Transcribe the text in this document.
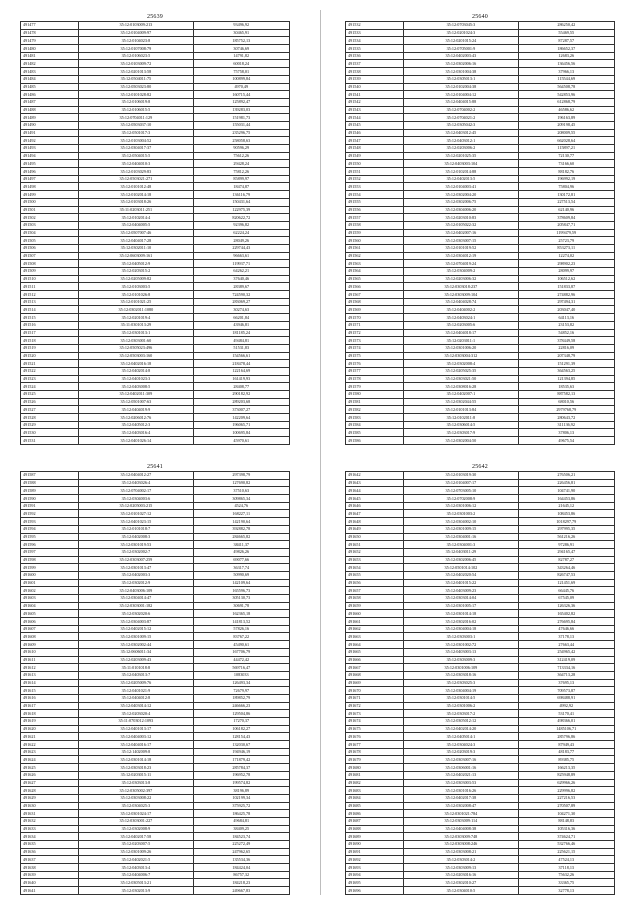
25639
491477	35:12:0103009:213	93496,92
491478	35:12:0104009:97	30465,91
491479	35:12:0104023:8	185752,13
491480	35:12:0107008:79	30746,69
491481	35:12:0106023:5	14791,82
491482	35:12:0103009:72	60018,24
491483	35:12:0201013:58	75758,01
491484	35:12:0504011:75	100899,84
491485	35:12:0503023:80	4970,49
491486	35:12:0101028:82	160715,44
491487	35:12:0106019:8	125892,47
491488	35:12:0106015:5	139283,03
491489	35:12:0704011:129	151981,73
491490	35:12:0503037:10	155031,44
491491	35:12:0501017:3	235296,75
491492	35:12:0103004:52	258058,63
491493	35:12:0304017:37	90596,29
491494	35:12:0504015:5	75612,26
491495	35:12:0404010:3	29428,24
491496	35:12:0103029:83	75812,26
491497	35:12:0503021:271	85899,97
491498	35:12:0101012:48	18474,87
491499	35:12:0102014:18	136116,79
491500	35:12:0103018:26	150431,64
491501	35:11:0203011:251	122975,39
491502	35:12:0102014:4	820622,72
491503	35:12:0404005:5	92396,82
491504	35:12:0507007:46	62224,24
491505	35:12:0404017:28	28049,26
491506	35:12:0302011:10	229744,43
491507	35:12:0603009:161	96663,61
491508	35:12:0405012:9	119937,71
491509	35:12:0203015:2	64262,21
491510	35:12:0205009:82	37640,46
491511	35:12:0103003:5	28389,67
491512	35:12:0101026:8	724590,32
491513	35:12:0101021:25	283069,27
491514	35:12:0302011:1080	30274,63
491515	35:12:0201019:4	66201,84
491516	35:11:0301013:29	43946,81
491517	35:12:0301013:1	181185,24
491518	35:12:0303001:60	49484,81
491519	35:12:0505023:496	51531,83
491520	35:12:0503003:160	154566,61
491521	35:12:0402016:18	218478,44
491522	35:12:0402014:8	122164,69
491523	35:12:0401023:3	161419,93
491524	35:12:0403008:5	28408,77
491525	35:12:0402011:309	290182,92
491526	35:12:0501007:63	289203,68
491527	35:12:0404019:9	373007,27
491528	35:12:0206012:76	142209,64
491529	35:12:0405012:3	196065,71
491530	35:12:0403016:4	100695,84
491531	35:12:0401026:14	45970,61
25640
491532	35:12:0703045:3	286250,42
491533	35:12:0201024:3	55469,55
491534	35:12:0201015:24	87287,57
491535	35:12:0705001:9	186652,37
491536	35:12:0402003:43	12683,26
491537	35:12:0302006:16	136456,56
491538	35:12:0301004:38	37966,13
491539	35:12:0305013:1	115544,69
491540	35:12:0102004:38	564508,78
491541	35:12:0104004:12	542853,96
491542	35:12:0404015:88	612868,79
491543	35:12:0704002:2	46586,62
491544	35:12:0704021:2	196163,89
491545	35:12:0305042:3	209198,45
491546	35:12:0403012:45	208009,55
491547	35:12:0403012:1	662028,64
491548	35:12:0203006:2	115897,21
491549	35:12:0201025:35	72130,77
491550	35:12:0403003:104	73166,60
491551	35:12:0102014:88	88182,76
491552	35:12:0402013:5	196992,19
491553	35:12:0104003:41	75804,96
491554	35:12:0302004:20	130172,81
491555	35:12:0302006:75	227513,54
491556	35:12:0304006:20	62140,96
491557	35:12:0203010:83	378609,84
491558	35:12:0105022:32	205847,71
491559	35:12:0402007:16	1199479,59
491560	35:12:0303007:15	25723,79
491561	35:12:0101019:52	853273,11
491562	35:12:0304012:19	12274,02
491563	35:12:0704019:24	298902,23
491564	35:12:0304009:2	28099,97
491565	35:12:0203006:32	106512,62
491566	35:12:0303018:237	151833,87
491567	35:12:0303009:104	274882,96
491568	35:12:0404028:74	297494,31
491569	35:12:0404002:2	203047,40
491570	35:12:0403024:1	64113,16
491571	35:12:0203005:6	23153,82
491572	35:12:0404018:17	54852,16
491573	35:12:0203011:1	378449,58
491574	35:12:0301006:20	22816,09
491575	35:12:0303004:312	207348,79
491576	35:12:0302008:4	151291,39
491577	35:12:0205025:35	364563,25
491578	35:12:0303021:50	121394,85
491579	35:12:0308016:28	18535,63
491580	35:12:0402007:1	887582,13
491581	35:12:0302044:55	68010,56
491582	35:12:0101013:84	2979768,79
491583	35:12:0102011:8	280643,72
491584	35:12:0306014:5	311136,92
491585	35:12:0303017:9	37806,13
491586	35:12:0302004:50	49675,54
25641
491587	35:12:0404012:27	297398,79
491588	35:12:0403026:4	127690,82
491589	35:12:0704002:17	37510,63
491590	35:12:0304003:6	309865,34
491591	35:12:0205003:215	4524,76
491592	35:12:0101027:12	168227,11
491593	35:12:0401023:15	142190,64
491594	35:12:0101018:7	392882,78
491595	35:12:0402008:3	284665,82
491596	35:12:0301019:53	38411,37
491597	35:12:0302002:7	49826,26
491598	35:12:0303007:259	69077,66
491599	35:12:0301013:47	36317,74
491600	35:12:0402003:3	50990,69
491601	35:12:0302012:9	142109,64
491602	35:12:0403006:109	165596,73
491603	35:12:0304014:47	305130,73
491604	35:12:0303001:182	30691,78
491605	35:12:0302020:6	162365,18
491606	35:12:0304003:87	141813,52
491607	35:12:0402015:12	57826,16
491608	35:12:0301009:15	83767,22
491609	35:12:0302002:44	45490,61
491610	35:12:0606011:34	167706,79
491611	35:12:0203009:43	44472,42
491612	35:11:0101018:8	569716,47
491613	35:12:0403013:7	1083033
491614	35:12:0205009:76	126493,34
491615	35:12:0401021:9	72679,97
491616	35:12:0404012:8	189852,79
491617	35:12:0403014:12	246666,23
491618	35:12:0203020:4	129504,86
491619	35:11:0703012:1093	17270,37
491620	35:12:0401013:17	106182,27
491621	35:12:0404003:12	128154,43
491622	35:12:0404016:17	132030,67
491623	35:12:1402009:8	194946,19
491624	35:12:0301014:18	171879,42
491625	35:12:0303018:23	285784,37
491626	35:12:0203015:11	196952,78
491627	35:12:0303013:8	199574,82
491628	35:12:0305002:397	38196,89
491629	35:12:0303008:22	102199,34
491630	35:12:0304025:3	375925,72
491631	35:12:0301024:17	186425,78
491632	35:12:0303001:227	49684,81
491633	35:12:0302008:9	38409,25
491634	35:12:0402017:58	184523,74
491635	35:12:0203007:5	225272,49
491636	35:12:0301009:26	247962,65
491637	35:12:0402021:5	135534,36
491638	35:12:0403013:4	184424,04
491639	35:12:0404006:7	86757,32
491640	35:12:0305013:21	184218,23
491641	35:12:0302013:9	249667,83
25642
491642	35:12:0103019:30	276506,21
491643	35:12:0104007:17	226456,81
491644	35:12:0703005:10	104741,90
491645	35:12:0702008:9	164453,86
491646	35:12:0301006:12	21645,12
491647	35:12:0301003:2	108453,86
491648	35:12:0304002:10	1018297,79
491649	35:12:0301009:15	297995,35
491650	35:12:0304001:16	561216,26
491651	35:12:0304001:3	97286,91
491652	35:12:0403011:29	294165,47
491653	35:12:0302006:45	82787,27
491654	35:12:0501014:102	343264,46
491655	35:12:0402020:54	826747,53
491656	35:12:0401015:22	121451,69
491657	35:12:0403009:23	66445,76
491658	35:12:0303014:04	67545,09
491659	35:12:0301005:17	126326,36
491660	35:12:0301014:18	165402,82
491661	35:12:0302016:02	276695,84
491662	35:12:0304004:18	47646,66
491663	35:12:0303003:1	37178,13
491664	35:12:0301002:72	27663,44
491665	35:12:0403003:13	254965,42
491666	35:12:0303009:3	312419,09
491667	35:12:0301006:109	713334,16
491668	35:12:0303018:16	364713,28
491669	35:12:0303025:3	37695,13
491670	35:12:0304004:19	709573,87
491671	35:12:0301014:5	698488,91
491672	35:12:0301006:2	4992,92
491673	35:12:0303017:2	53170,41
491674	35:12:0305012:12	498366,01
491675	35:12:0402014:20	1485106,71
491676	35:12:0405014:1	285796,86
491677	35:12:0304024:3	87949,43
491678	35:12:0203019:3	48183,77
491679	35:12:0303007:16	89385,75
491680	35:12:0306001:16	166213,35
491681	35:12:0402021:13	825948,89
491682	35:12:0303003:53	629966,26
491683	35:12:0301016:26	229996,82
491684	35:12:0402017:38	227216,53
491685	35:12:0302008:47	270507,89
491686	35:12:0301021:784	104271,30
491687	35:12:0303009:114	88148,83
491688	35:12:0404008:38	105316,36
491689	35:12:0303009:748	374624,71
491690	35:12:0303008:246	532766,46
491691	35:12:0303008:21	225621,15
491692	35:12:0303014:2	47524,13
491693	35:12:0303009:13	37118,13
491694	35:12:0203016:16	75632,26
491695	35:12:0302010:27	33365,75
491696	35:12:0304010:5	32778,13
